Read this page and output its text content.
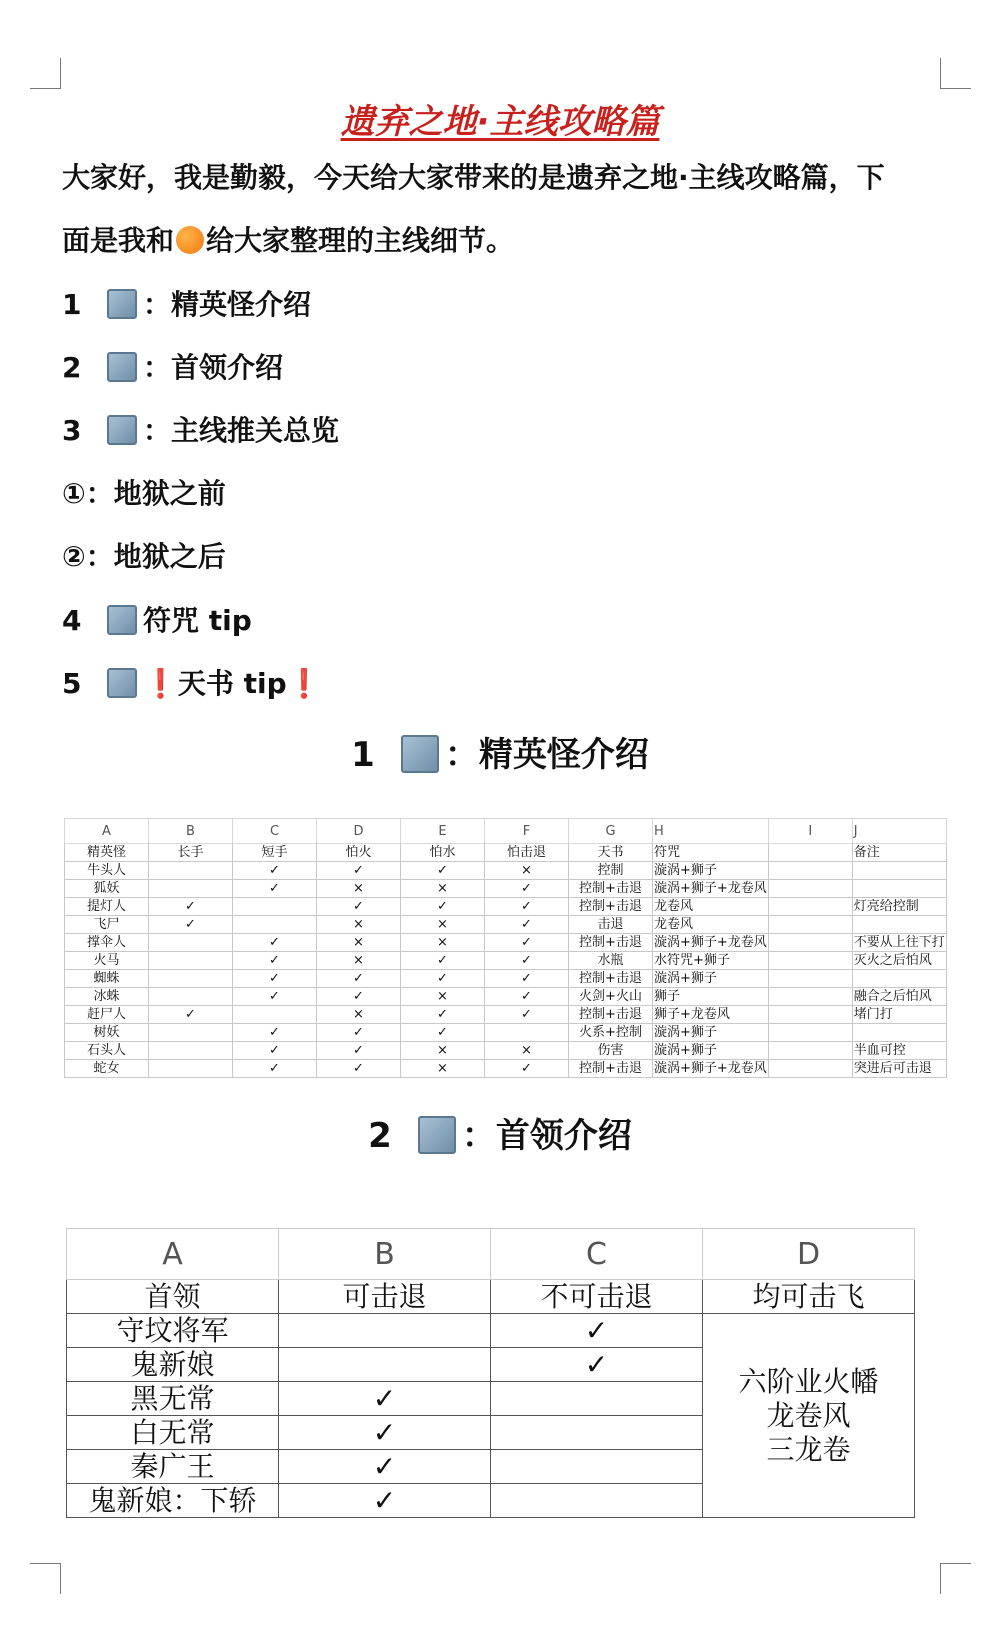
遗弃之地·主线攻略篇
大家好，我是勤毅，今天给大家带来的是遗弃之地·主线攻略篇，下
面是我和 给大家整理的主线细节。
1 ：精英怪介绍
2 ：首领介绍
3 ：主线推关总览
①：地狱之前
②：地狱之后
4 符咒 tip
5 ❗天书 tip❗
1 ：精英怪介绍
A	B	C	D	E	F	G	H	I	J
精英怪	长手	短手	怕火	怕水	怕击退	天书	符咒		备注
牛头人		✓	✓	✓	×	控制	漩涡+狮子		
狐妖		✓	×	×	✓	控制+击退	漩涡+狮子+龙卷风		
提灯人	✓		✓	✓	✓	控制+击退	龙卷风		灯亮给控制
飞尸	✓		×	×	✓	击退	龙卷风		
撑伞人		✓	×	×	✓	控制+击退	漩涡+狮子+龙卷风		不要从上往下打
火马		✓	×	✓	✓	水瓶	水符咒+狮子		灭火之后怕风
蜘蛛		✓	✓	✓	✓	控制+击退	漩涡+狮子		
冰蛛		✓	✓	×	✓	火剑+火山	狮子		融合之后怕风
赶尸人	✓		×	✓	✓	控制+击退	狮子+龙卷风		堵门打
树妖		✓	✓	✓		火系+控制	漩涡+狮子		
石头人		✓	✓	×	×	伤害	漩涡+狮子		半血可控
蛇女		✓	✓	×	✓	控制+击退	漩涡+狮子+龙卷风		突进后可击退
2 ：首领介绍
A	B	C	D
首领	可击退	不可击退	均可击飞
守坟将军		✓	六阶业火幡
龙卷风
三龙卷

鬼新娘		✓	
黑无常	✓		
白无常	✓		
秦广王	✓		
鬼新娘：下轿	✓		
